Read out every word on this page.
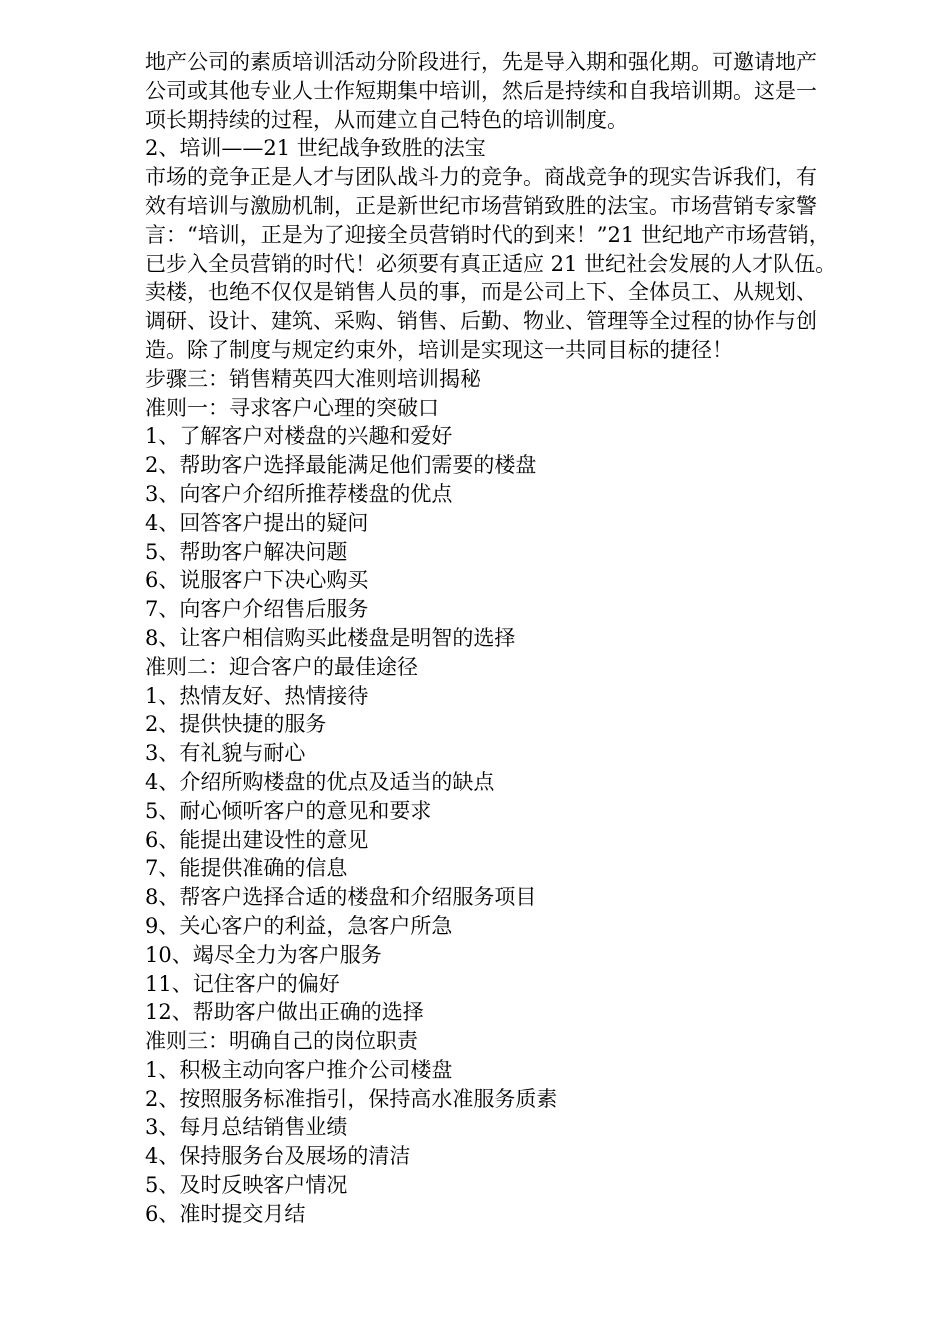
地产公司的素质培训活动分阶段进行，先是导入期和强化期。可邀请地产

公司或其他专业人士作短期集中培训，然后是持续和自我培训期。这是一

项长期持续的过程，从而建立自己特色的培训制度。

2、培训——21 世纪战争致胜的法宝

市场的竞争正是人才与团队战斗力的竞争。商战竞争的现实告诉我们，有

效有培训与激励机制，正是新世纪市场营销致胜的法宝。市场营销专家警

言：“培训，正是为了迎接全员营销时代的到来！”21 世纪地产市场营销，

已步入全员营销的时代！必须要有真正适应 21 世纪社会发展的人才队伍。

卖楼，也绝不仅仅是销售人员的事，而是公司上下、全体员工、从规划、

调研、设计、建筑、采购、销售、后勤、物业、管理等全过程的协作与创

造。除了制度与规定约束外，培训是实现这一共同目标的捷径！

步骤三：销售精英四大准则培训揭秘

准则一：寻求客户心理的突破口

1、了解客户对楼盘的兴趣和爱好

2、帮助客户选择最能满足他们需要的楼盘

3、向客户介绍所推荐楼盘的优点

4、回答客户提出的疑问

5、帮助客户解决问题

6、说服客户下决心购买

7、向客户介绍售后服务

8、让客户相信购买此楼盘是明智的选择

准则二：迎合客户的最佳途径

1、热情友好、热情接待

2、提供快捷的服务

3、有礼貌与耐心

4、介绍所购楼盘的优点及适当的缺点

5、耐心倾听客户的意见和要求

6、能提出建设性的意见

7、能提供准确的信息

8、帮客户选择合适的楼盘和介绍服务项目

9、关心客户的利益，急客户所急

10、竭尽全力为客户服务

11、记住客户的偏好

12、帮助客户做出正确的选择

准则三：明确自己的岗位职责

1、积极主动向客户推介公司楼盘

2、按照服务标准指引，保持高水准服务质素

3、每月总结销售业绩

4、保持服务台及展场的清洁

5、及时反映客户情况

6、准时提交月结
